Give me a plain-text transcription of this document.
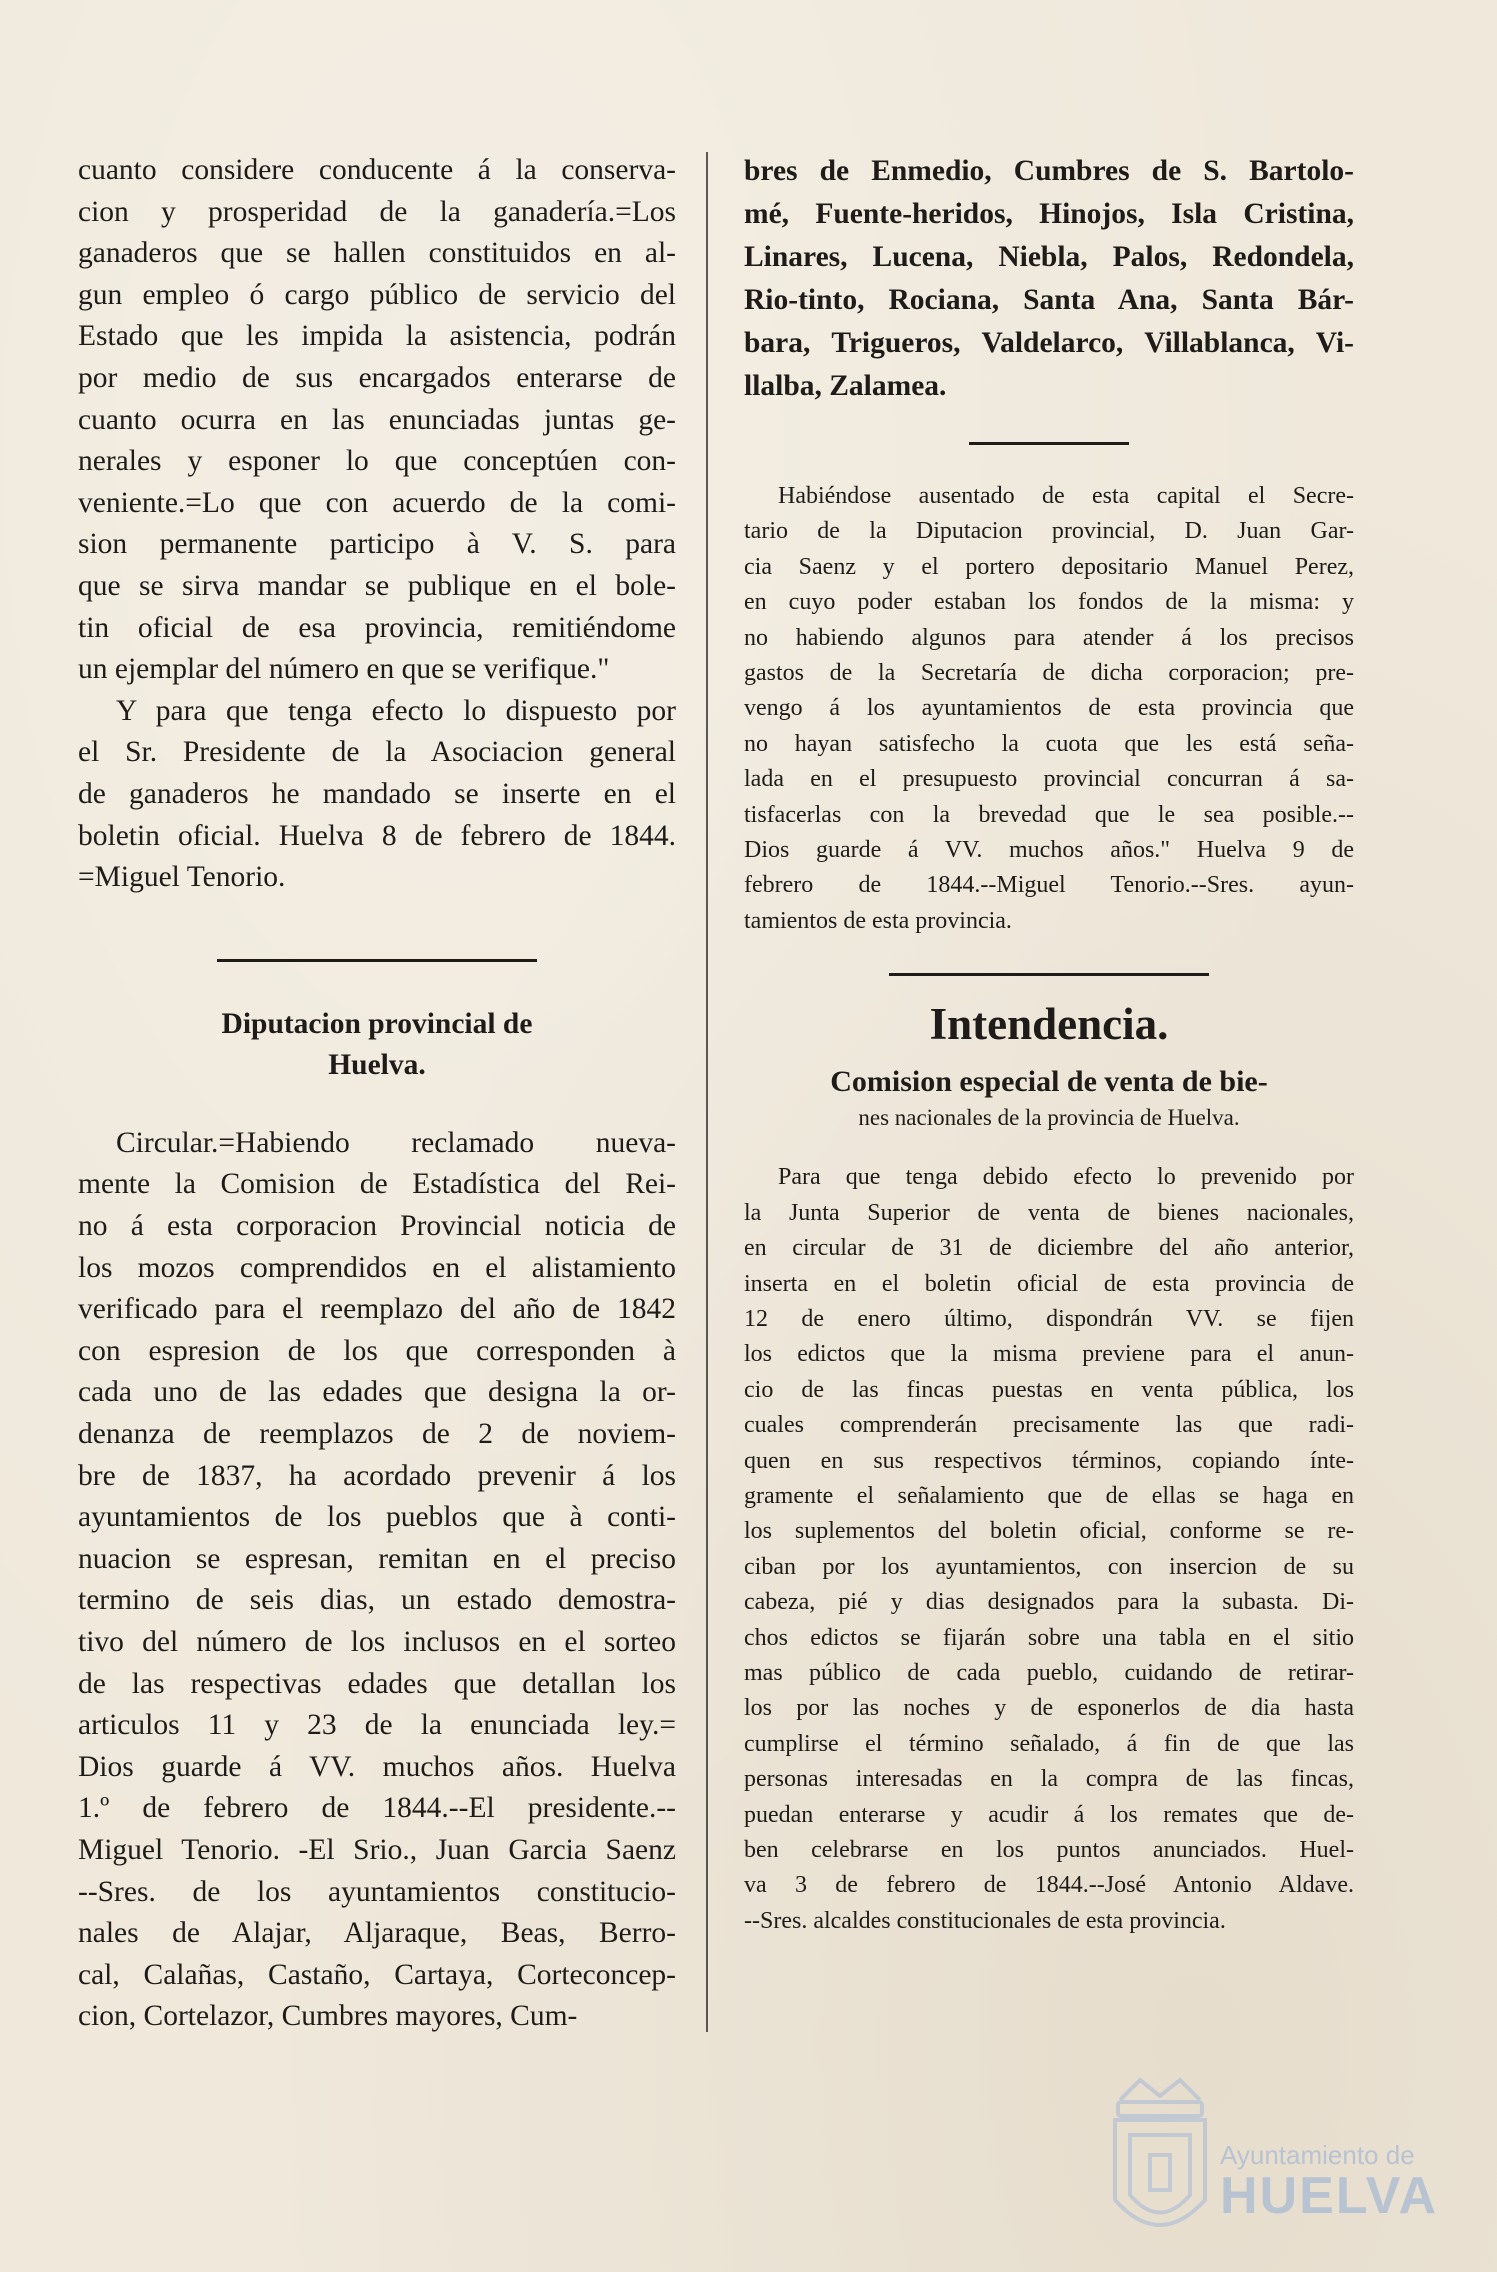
cuanto considere conducente á la conserva-

cion y prosperidad de la ganadería.=Los

ganaderos que se hallen constituidos en al-

gun empleo ó cargo público de servicio del

Estado que les impida la asistencia, podrán

por medio de sus encargados enterarse de

cuanto ocurra en las enunciadas juntas ge-

nerales y esponer lo que conceptúen con-

veniente.=Lo que con acuerdo de la comi-

sion permanente participo à V. S. para

que se sirva mandar se publique en el bole-

tin oficial de esa provincia, remitiéndome

un ejemplar del número en que se verifique."

Y para que tenga efecto lo dispuesto por

el Sr. Presidente de la Asociacion general

de ganaderos he mandado se inserte en el

boletin oficial. Huelva 8 de febrero de 1844.

=Miguel Tenorio.

Diputacion provincial de

Huelva.

Circular.=Habiendo reclamado nueva-

mente la Comision de Estadística del Rei-

no á esta corporacion Provincial noticia de

los mozos comprendidos en el alistamiento

verificado para el reemplazo del año de 1842

con espresion de los que corresponden à

cada uno de las edades que designa la or-

denanza de reemplazos de 2 de noviem-

bre de 1837, ha acordado prevenir á los

ayuntamientos de los pueblos que à conti-

nuacion se espresan, remitan en el preciso

termino de seis dias, un estado demostra-

tivo del número de los inclusos en el sorteo

de las respectivas edades que detallan los

articulos 11 y 23 de la enunciada ley.=

Dios guarde á VV. muchos años. Huelva

1.º de febrero de 1844.--El presidente.--

Miguel Tenorio. -El Srio., Juan Garcia Saenz

--Sres. de los ayuntamientos constitucio-

nales de Alajar, Aljaraque, Beas, Berro-

cal, Calañas, Castaño, Cartaya, Corteconcep-

cion, Cortelazor, Cumbres mayores, Cum-

bres de Enmedio, Cumbres de S. Bartolo-

mé, Fuente-heridos, Hinojos, Isla Cristina,

Linares, Lucena, Niebla, Palos, Redondela,

Rio-tinto, Rociana, Santa Ana, Santa Bár-

bara, Trigueros, Valdelarco, Villablanca, Vi-

llalba, Zalamea.

Habiéndose ausentado de esta capital el Secre-

tario de la Diputacion provincial, D. Juan Gar-

cia Saenz y el portero depositario Manuel Perez,

en cuyo poder estaban los fondos de la misma: y

no habiendo algunos para atender á los precisos

gastos de la Secretaría de dicha corporacion; pre-

vengo á los ayuntamientos de esta provincia que

no hayan satisfecho la cuota que les está seña-

lada en el presupuesto provincial concurran á sa-

tisfacerlas con la brevedad que le sea posible.--

Dios guarde á VV. muchos años." Huelva 9 de

febrero de 1844.--Miguel Tenorio.--Sres. ayun-

tamientos de esta provincia.

Intendencia.

Comision especial de venta de bie-

nes nacionales de la provincia de Huelva.

Para que tenga debido efecto lo prevenido por

la Junta Superior de venta de bienes nacionales,

en circular de 31 de diciembre del año anterior,

inserta en el boletin oficial de esta provincia de

12 de enero último, dispondrán VV. se fijen

los edictos que la misma previene para el anun-

cio de las fincas puestas en venta pública, los

cuales comprenderán precisamente las que radi-

quen en sus respectivos términos, copiando ínte-

gramente el señalamiento que de ellas se haga en

los suplementos del boletin oficial, conforme se re-

ciban por los ayuntamientos, con insercion de su

cabeza, pié y dias designados para la subasta. Di-

chos edictos se fijarán sobre una tabla en el sitio

mas público de cada pueblo, cuidando de retirar-

los por las noches y de esponerlos de dia hasta

cumplirse el término señalado, á fin de que las

personas interesadas en la compra de las fincas,

puedan enterarse y acudir á los remates que de-

ben celebrarse en los puntos anunciados. Huel-

va 3 de febrero de 1844.--José Antonio Aldave.

--Sres. alcaldes constitucionales de esta provincia.

Ayuntamiento de
HUELVA
